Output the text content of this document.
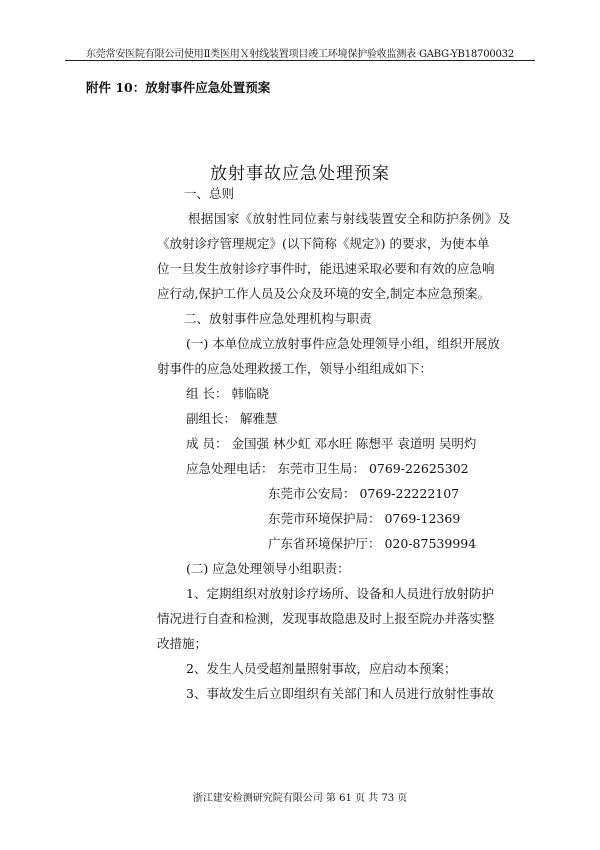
东莞常安医院有限公司使用Ⅱ类医用Ｘ射线装置项目竣工环境保护验收监测表 GABG-YB18700032
附件 10：放射事件应急处置预案
放射事故应急处理预案
一、总则
根据国家《放射性同位素与射线装置安全和防护条例》及
《放射诊疗管理规定》(以下简称《规定》) 的要求，为使本单
位一旦发生放射诊疗事件时，能迅速采取必要和有效的应急响
应行动,保护工作人员及公众及环境的安全,制定本应急预案。
二、放射事件应急处理机构与职责
(一) 本单位成立放射事件应急处理领导小组，组织开展放
射事件的应急处理救援工作，领导小组组成如下：
组 长： 韩临晓
副组长： 解雅慧
成 员： 金国强 林少虹 邓水旺 陈想平 袁道明 吴明灼
应急处理电话： 东莞市卫生局： 0769-22625302
东莞市公安局： 0769-22222107
东莞市环境保护局： 0769-12369
广东省环境保护厅： 020-87539994
(二) 应急处理领导小组职责：
1、定期组织对放射诊疗场所、设备和人员进行放射防护
情况进行自查和检测，发现事故隐患及时上报至院办并落实整
改措施；
2、发生人员受超剂量照射事故，应启动本预案；
3、事故发生后立即组织有关部门和人员进行放射性事故
浙江建安检测研究院有限公司 第 61 页 共 73 页
